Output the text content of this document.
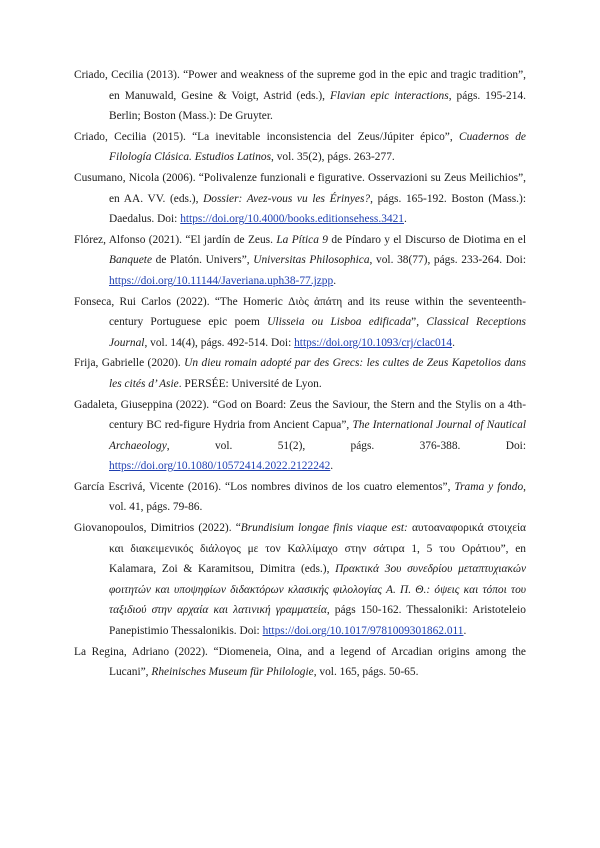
Criado, Cecilia (2013). “Power and weakness of the supreme god in the epic and tragic tradition”, en Manuwald, Gesine & Voigt, Astrid (eds.), Flavian epic interactions, págs. 195-214. Berlin; Boston (Mass.): De Gruyter.

Criado, Cecilia (2015). “La inevitable inconsistencia del Zeus/Júpiter épico”, Cuadernos de Filología Clásica. Estudios Latinos, vol. 35(2), págs. 263-277.

Cusumano, Nicola (2006). “Polivalenze funzionali e figurative. Osservazioni su Zeus Meilichios”, en AA. VV. (eds.), Dossier: Avez-vous vu les Érinyes?, págs. 165-192. Boston (Mass.): Daedalus. Doi: https://doi.org/10.4000/books.editionsehess.3421.

Flórez, Alfonso (2021). “El jardín de Zeus. La Pítica 9 de Píndaro y el Discurso de Diotima en el Banquete de Platón. Univers”, Universitas Philosophica, vol. 38(77), págs. 233-264. Doi: https://doi.org/10.11144/Javeriana.uph38-77.jzpp.

Fonseca, Rui Carlos (2022). “The Homeric Διὸς ἀπάτη and its reuse within the seventeenth-century Portuguese epic poem Ulisseia ou Lisboa edificada”, Classical Receptions Journal, vol. 14(4), págs. 492-514. Doi: https://doi.org/10.1093/crj/clac014.

Frija, Gabrielle (2020). Un dieu romain adopté par des Grecs: les cultes de Zeus Kapetolios dans les cités d’ Asie. PERSÉE: Université de Lyon.

Gadaleta, Giuseppina (2022). “God on Board: Zeus the Saviour, the Stern and the Stylis on a 4th-century BC red-figure Hydria from Ancient Capua”, The International Journal of Nautical Archaeology, vol. 51(2), págs. 376-388. Doi: https://doi.org/10.1080/10572414.2022.2122242.

García Escrivá, Vicente (2016). “Los nombres divinos de los cuatro elementos”, Trama y fondo, vol. 41, págs. 79-86.

Giovanopoulos, Dimitrios (2022). “Brundisium longae finis viaque est: αυτοαναφορικά στοιχεία και διακειμενικός διάλογος με τον Καλλίμαχο στην σάτιρα 1, 5 του Οράτιου”, en Kalamara, Zoi & Karamitsou, Dimitra (eds.), Πρακτικά 3ου συνεδρίου μεταπτυχιακών φοιτητών και υποψηφίων διδακτόρων κλασικής φιλολογίας Α. Π. Θ.: όψεις και τόποι του ταξιδιού στην αρχαία και λατινική γραμματεία, págs 150-162. Thessaloniki: Aristoteleio Panepistimio Thessalonikis. Doi: https://doi.org/10.1017/9781009301862.011.

La Regina, Adriano (2022). “Diomeneia, Oina, and a legend of Arcadian origins among the Lucani”, Rheinisches Museum für Philologie, vol. 165, págs. 50-65.
